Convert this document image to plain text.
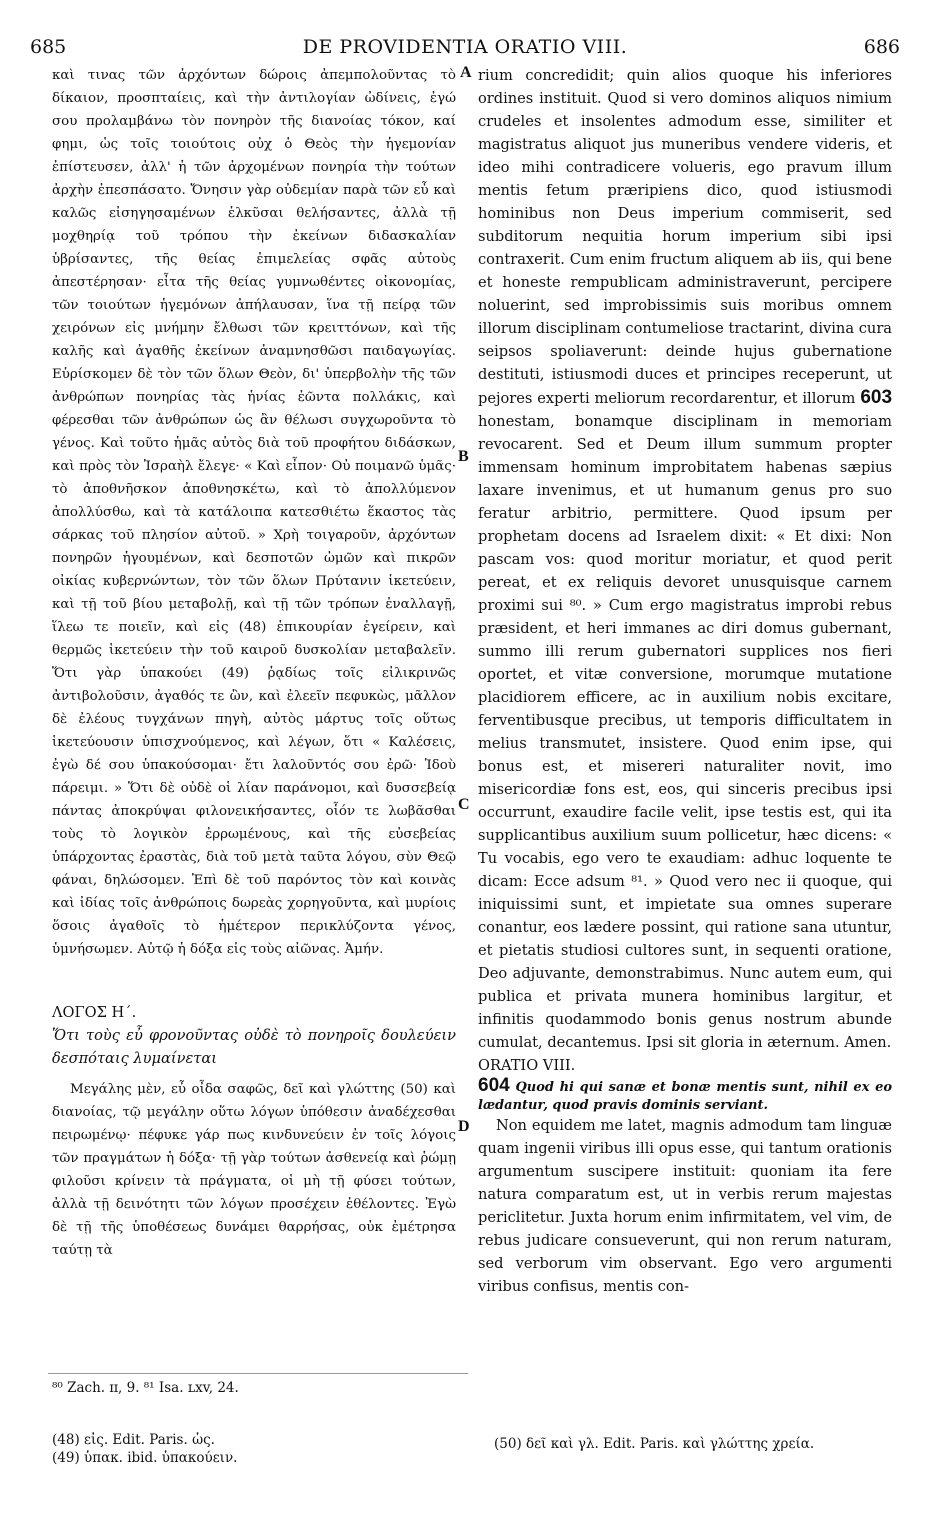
685	DE PROVIDENTIA ORATIO VIII.	686
A
B
C
D

καὶ τινας τῶν ἀρχόντων δώροις ἀπεμπολοῦντας τὸ δίκαιον, προσπταίεις, καὶ τὴν ἀντιλογίαν ὠδίνεις, ἐγώ σου προλαμβάνω τὸν πονηρὸν τῆς διανοίας τόκον, καί φημι, ὡς τοῖς τοιούτοις οὐχ ὁ Θεὸς τὴν ἡγεμονίαν ἐπίστευσεν, ἀλλ' ἡ τῶν ἀρχομένων πονηρία τὴν τούτων ἀρχὴν ἐπεσπάσατο. Ὄνησιν γὰρ οὐδεμίαν παρὰ τῶν εὖ καὶ καλῶς εἰσηγησαμένων ἑλκῦσαι θελήσαντες, ἀλλὰ τῇ μοχθηρίᾳ τοῦ τρόπου τὴν ἐκείνων διδασκαλίαν ὑβρίσαντες, τῆς θείας ἐπιμελείας σφᾶς αὐτοὺς ἀπεστέρησαν· εἶτα τῆς θείας γυμνωθέντες οἰκονομίας, τῶν τοιούτων ἡγεμόνων ἀπήλαυσαν, ἵνα τῇ πείρᾳ τῶν χειρόνων εἰς μνήμην ἔλθωσι τῶν κρειττόνων, καὶ τῆς καλῆς καὶ ἀγαθῆς ἐκείνων ἀναμνησθῶσι παιδαγωγίας. Εὑρίσκομεν δὲ τὸν τῶν ὅλων Θεὸν, δι' ὑπερβολὴν τῆς τῶν ἀνθρώπων πονηρίας τὰς ἡνίας ἐῶντα πολλάκις, καὶ φέρεσθαι τῶν ἀνθρώπων ὡς ἂν θέλωσι συγχωροῦντα τὸ γένος. Καὶ τοῦτο ἡμᾶς αὐτὸς διὰ τοῦ προφήτου διδάσκων, καὶ πρὸς τὸν Ἰσραὴλ ἔλεγε· « Καὶ εἶπον· Οὐ ποιμανῶ ὑμᾶς· τὸ ἀποθνῆσκον ἀποθνησκέτω, καὶ τὸ ἀπολλύμενον ἀπολλύσθω, καὶ τὰ κατάλοιπα κατεσθιέτω ἕκαστος τὰς σάρκας τοῦ πλησίον αὐτοῦ. » Χρὴ τοιγαροῦν, ἀρχόντων πονηρῶν ἡγουμένων, καὶ δεσποτῶν ὠμῶν καὶ πικρῶν οἰκίας κυβερνώντων, τὸν τῶν ὅλων Πρύτανιν ἱκετεύειν, καὶ τῇ τοῦ βίου μεταβολῇ, καὶ τῇ τῶν τρόπων ἐναλλαγῇ, ἵλεω τε ποιεῖν, καὶ εἰς (48) ἐπικουρίαν ἐγείρειν, καὶ θερμῶς ἱκετεύειν τὴν τοῦ καιροῦ δυσκολίαν μεταβαλεῖν. Ὅτι γὰρ ὑπακούει (49) ῥᾳδίως τοῖς εἰλικρινῶς ἀντιβολοῦσιν, ἀγαθός τε ὢν, καὶ ἐλεεῖν πεφυκὼς, μᾶλλον δὲ ἐλέους τυγχάνων πηγὴ, αὐτὸς μάρτυς τοῖς οὕτως ἱκετεύουσιν ὑπισχνούμενος, καὶ λέγων, ὅτι « Καλέσεις, ἐγὼ δέ σου ὑπακούσομαι· ἔτι λαλοῦντός σου ἐρῶ· Ἰδοὺ πάρειμι. » Ὅτι δὲ οὐδὲ οἱ λίαν παράνομοι, καὶ δυσσεβείᾳ πάντας ἀποκρύψαι φιλονεικήσαντες, οἷόν τε λωβᾶσθαι τοὺς τὸ λογικὸν ἐρρωμένους, καὶ τῆς εὐσεβείας ὑπάρχοντας ἐραστὰς, διὰ τοῦ μετὰ ταῦτα λόγου, σὺν Θεῷ φάναι, δηλώσομεν. Ἐπὶ δὲ τοῦ παρόντος τὸν καὶ κοινὰς καὶ ἰδίας τοῖς ἀνθρώποις δωρεὰς χορηγοῦντα, καὶ μυρίοις ὅσοις ἀγαθοῖς τὸ ἡμέτερον περικλύζοντα γένος, ὑμνήσωμεν. Αὐτῷ ἡ δόξα εἰς τοὺς αἰῶνας. Ἀμήν.

ΛΟΓΟΣ Η΄.

Ὅτι τοὺς εὖ φρονοῦντας οὐδὲ τὸ πονηροῖς δουλεύειν δεσπόταις λυμαίνεται

Μεγάλης μὲν, εὖ οἶδα σαφῶς, δεῖ καὶ γλώττης (50) καὶ διανοίας, τῷ μεγάλην οὕτω λόγων ὑπόθεσιν ἀναδέχεσθαι πειρωμένῳ· πέφυκε γάρ πως κινδυνεύειν ἐν τοῖς λόγοις τῶν πραγμάτων ἡ δόξα· τῇ γὰρ τούτων ἀσθενείᾳ καὶ ῥώμῃ φιλοῦσι κρίνειν τὰ πράγματα, οἱ μὴ τῇ φύσει τούτων, ἀλλὰ τῇ δεινότητι τῶν λόγων προσέχειν ἐθέλοντες. Ἐγὼ δὲ τῇ τῆς ὑποθέσεως δυνάμει θαρρήσας, οὐκ ἐμέτρησα ταύτῃ τὰ

rium concredidit; quin alios quoque his inferiores ordines instituit. Quod si vero dominos aliquos nimium crudeles et insolentes admodum esse, similiter et magistratus aliquot jus muneribus vendere videris, et ideo mihi contradicere volueris, ego pravum illum mentis fetum præripiens dico, quod istiusmodi hominibus non Deus imperium commiserit, sed subditorum nequitia horum imperium sibi ipsi contraxerit. Cum enim fructum aliquem ab iis, qui bene et honeste rempublicam administraverunt, percipere noluerint, sed improbissimis suis moribus omnem illorum disciplinam contumeliose tractarint, divina cura seipsos spoliaverunt: deinde hujus gubernatione destituti, istiusmodi duces et principes receperunt, ut pejores experti meliorum recordarentur, et illorum 603 honestam, bonamque disciplinam in memoriam revocarent. Sed et Deum illum summum propter immensam hominum improbitatem habenas sæpius laxare invenimus, et ut humanum genus pro suo feratur arbitrio, permittere. Quod ipsum per prophetam docens ad Israelem dixit: « Et dixi: Non pascam vos: quod moritur moriatur, et quod perit pereat, et ex reliquis devoret unusquisque carnem proximi sui ⁸⁰. » Cum ergo magistratus improbi rebus præsident, et heri immanes ac diri domus gubernant, summo illi rerum gubernatori supplices nos fieri oportet, et vitæ conversione, morumque mutatione placidiorem efficere, ac in auxilium nobis excitare, ferventibusque precibus, ut temporis difficultatem in melius transmutet, insistere. Quod enim ipse, qui bonus est, et misereri naturaliter novit, imo misericordiæ fons est, eos, qui sinceris precibus ipsi occurrunt, exaudire facile velit, ipse testis est, qui ita supplicantibus auxilium suum pollicetur, hæc dicens: « Tu vocabis, ego vero te exaudiam: adhuc loquente te dicam: Ecce adsum ⁸¹. » Quod vero nec ii quoque, qui iniquissimi sunt, et impietate sua omnes superare conantur, eos lædere possint, qui ratione sana utuntur, et pietatis studiosi cultores sunt, in sequenti oratione, Deo adjuvante, demonstrabimus. Nunc autem eum, qui publica et privata munera hominibus largitur, et infinitis quodammodo bonis genus nostrum abunde cumulat, decantemus. Ipsi sit gloria in æternum. Amen.

ORATIO VIII.

604 Quod hi qui sanæ et bonæ mentis sunt, nihil ex eo lædantur, quod pravis dominis serviant.

Non equidem me latet, magnis admodum tam linguæ quam ingenii viribus illi opus esse, qui tantum orationis argumentum suscipere instituit: quoniam ita fere natura comparatum est, ut in verbis rerum majestas periclitetur. Juxta horum enim infirmitatem, vel vim, de rebus judicare consueverunt, qui non rerum naturam, sed verborum vim observant. Ego vero argumenti viribus confisus, mentis con-

⁸⁰ Zach. ɪɪ, 9. ⁸¹ Isa. ʟxv, 24.
(48) εἰς. Edit. Paris. ὡς.
(49) ὑπακ. ibid. ὑπακούειν.
(50) δεῖ καὶ γλ. Edit. Paris. καὶ γλώττης χρεία.
